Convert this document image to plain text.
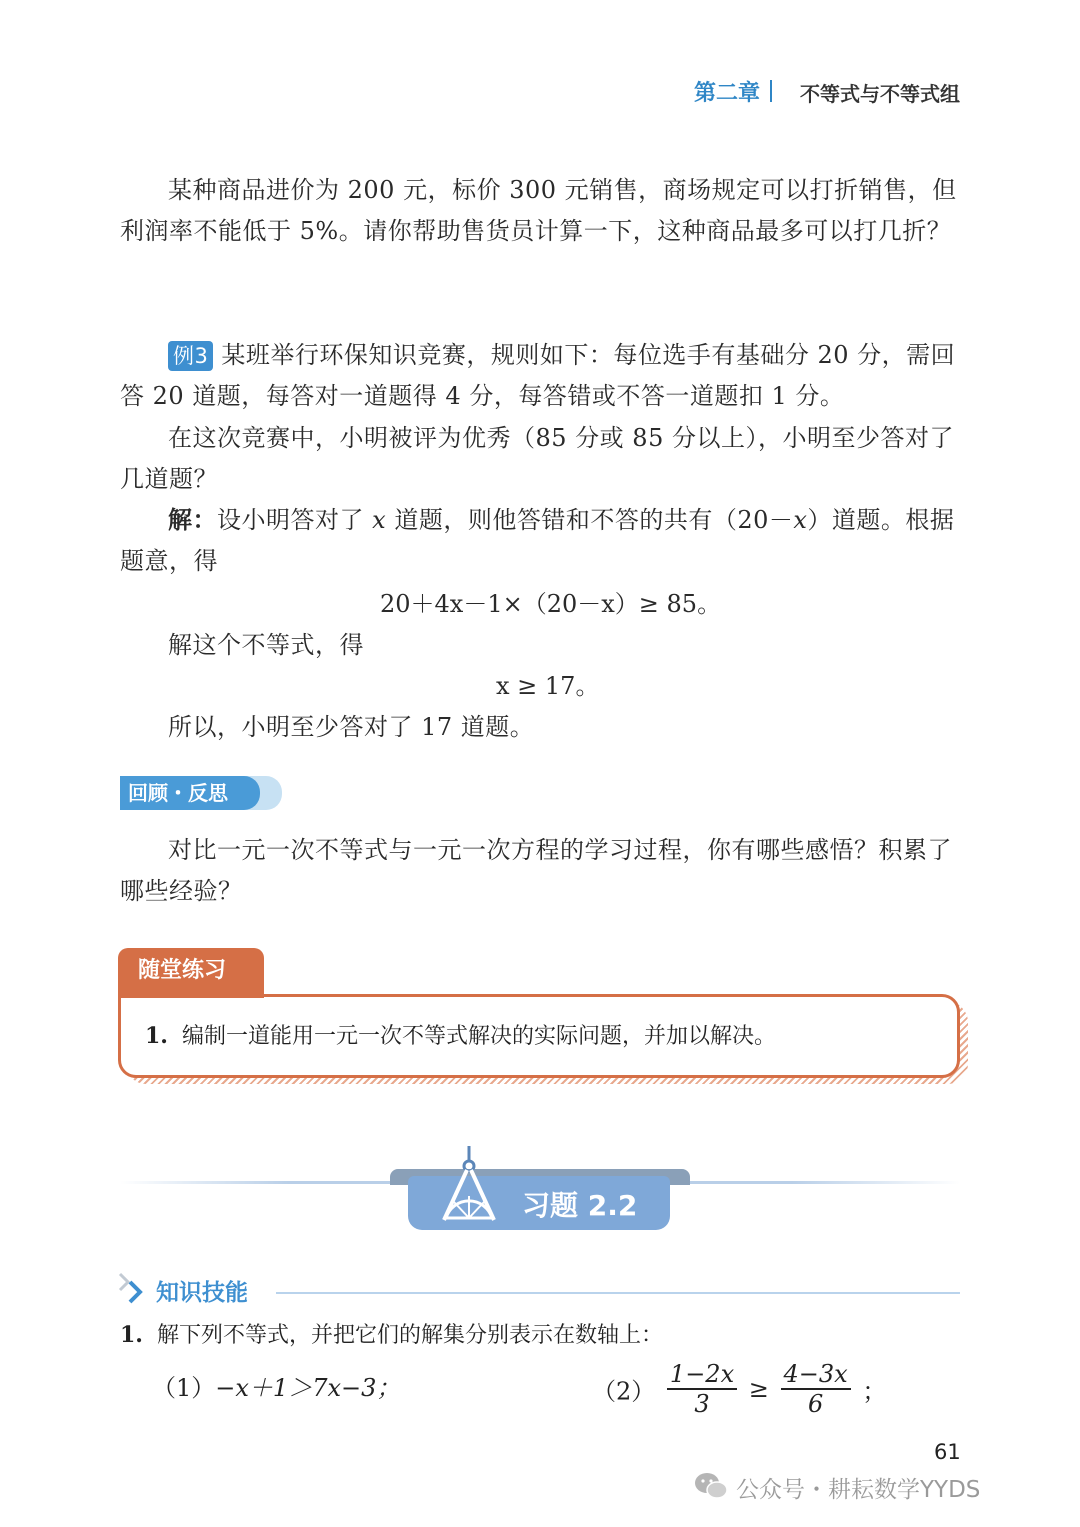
第二章 不等式与不等式组
某种商品进价为 200 元，标价 300 元销售，商场规定可以打折销售，但利润率不能低于 5%。请你帮助售货员计算一下，这种商品最多可以打几折？
例3 某班举行环保知识竞赛，规则如下：每位选手有基础分 20 分，需回答 20 道题，每答对一道题得 4 分，每答错或不答一道题扣 1 分。
在这次竞赛中，小明被评为优秀（85 分或 85 分以上），小明至少答对了几道题？
解：设小明答对了 x 道题，则他答错和不答的共有（20－x）道题。根据题意，得
20＋4x－1×（20－x）≥ 85。
解这个不等式，得
x ≥ 17。
所以，小明至少答对了 17 道题。
回顾・反思
对比一元一次不等式与一元一次方程的学习过程，你有哪些感悟？积累了哪些经验？
1. 编制一道能用一元一次不等式解决的实际问题，并加以解决。
随堂练习
习题 2.2
知识技能
1. 解下列不等式，并把它们的解集分别表示在数轴上：
（1）−x＋1＞7x−3；	$(2) \frac{1-2x}{3} \ge \frac{4-3x}{6}$ ；
61
公众号・耕耘数学YYDS
